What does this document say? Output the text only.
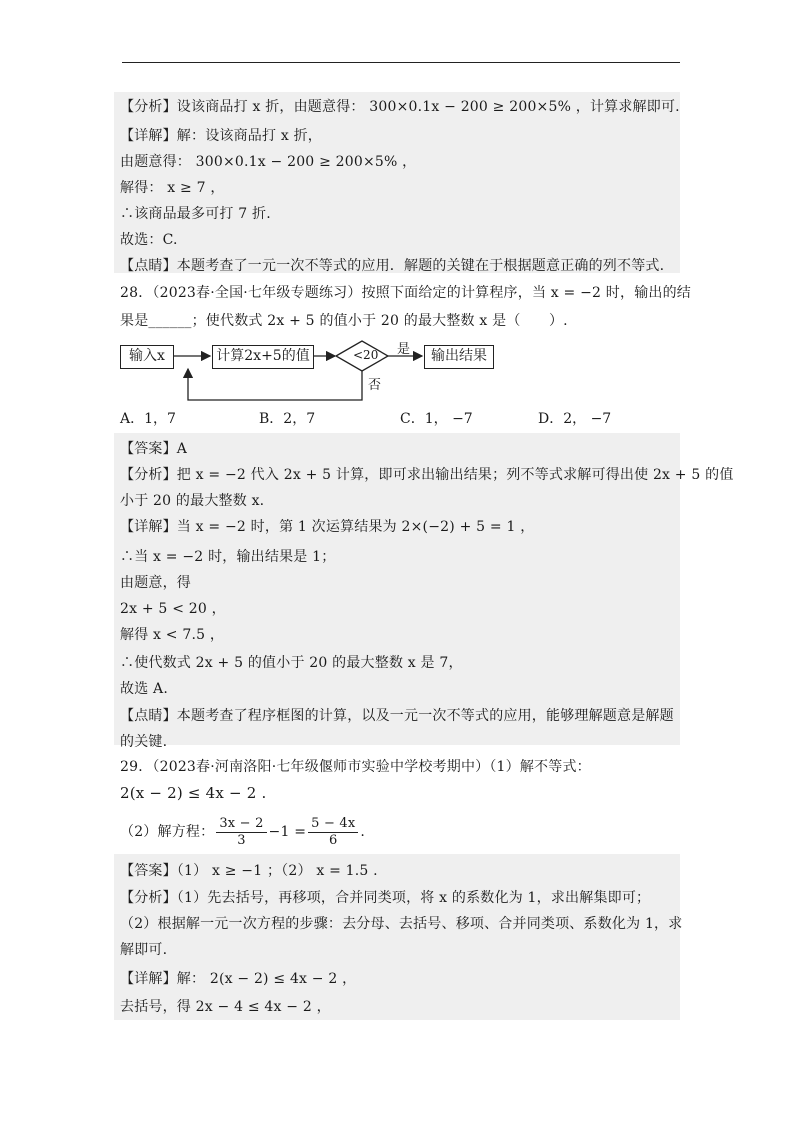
【分析】设该商品打 x 折，由题意得： 300×0.1x − 200 ≥ 200×5% ，计算求解即可.
【详解】解：设该商品打 x 折，
由题意得： 300×0.1x − 200 ≥ 200×5% ，
解得： x ≥ 7 ，
∴该商品最多可打 7 折.
故选：C.
【点睛】本题考查了一元一次不等式的应用．解题的关键在于根据题意正确的列不等式.
28．（2023春·全国·七年级专题练习）按照下面给定的计算程序，当 x = −2 时，输出的结
果是______；使代数式 2x + 5 的值小于 20 的最大整数 x 是（　　）.
输入x	计算2x+5的值	输出结果
<20 是
否
A．1，7	B．2，7	C．1， −7	D．2， −7
【答案】A
【分析】把 x = −2 代入 2x + 5 计算，即可求出输出结果；列不等式求解可得出使 2x + 5 的值
小于 20 的最大整数 x.
【详解】当 x = −2 时，第 1 次运算结果为 2×(−2) + 5 = 1 ，
∴当 x = −2 时，输出结果是 1；
由题意，得
2x + 5 < 20 ，
解得 x < 7.5 ，
∴使代数式 2x + 5 的值小于 20 的最大整数 x 是 7，
故选 A.
【点睛】本题考查了程序框图的计算，以及一元一次不等式的应用，能够理解题意是解题
的关键.
29．（2023春·河南洛阳·七年级偃师市实验中学校考期中）（1）解不等式：
2(x − 2) ≤ 4x − 2 .
（2）解方程： $\frac{3x - 2}{3} -1 = \frac{5 - 4x}{6}$ .
【答案】（1） x ≥ −1 ；（2） x = 1.5 .
【分析】（1）先去括号，再移项，合并同类项，将 x 的系数化为 1，求出解集即可；
（2）根据解一元一次方程的步骤：去分母、去括号、移项、合并同类项、系数化为 1，求
解即可.
【详解】解： 2(x − 2) ≤ 4x − 2 ，
去括号，得 2x − 4 ≤ 4x − 2 ，
